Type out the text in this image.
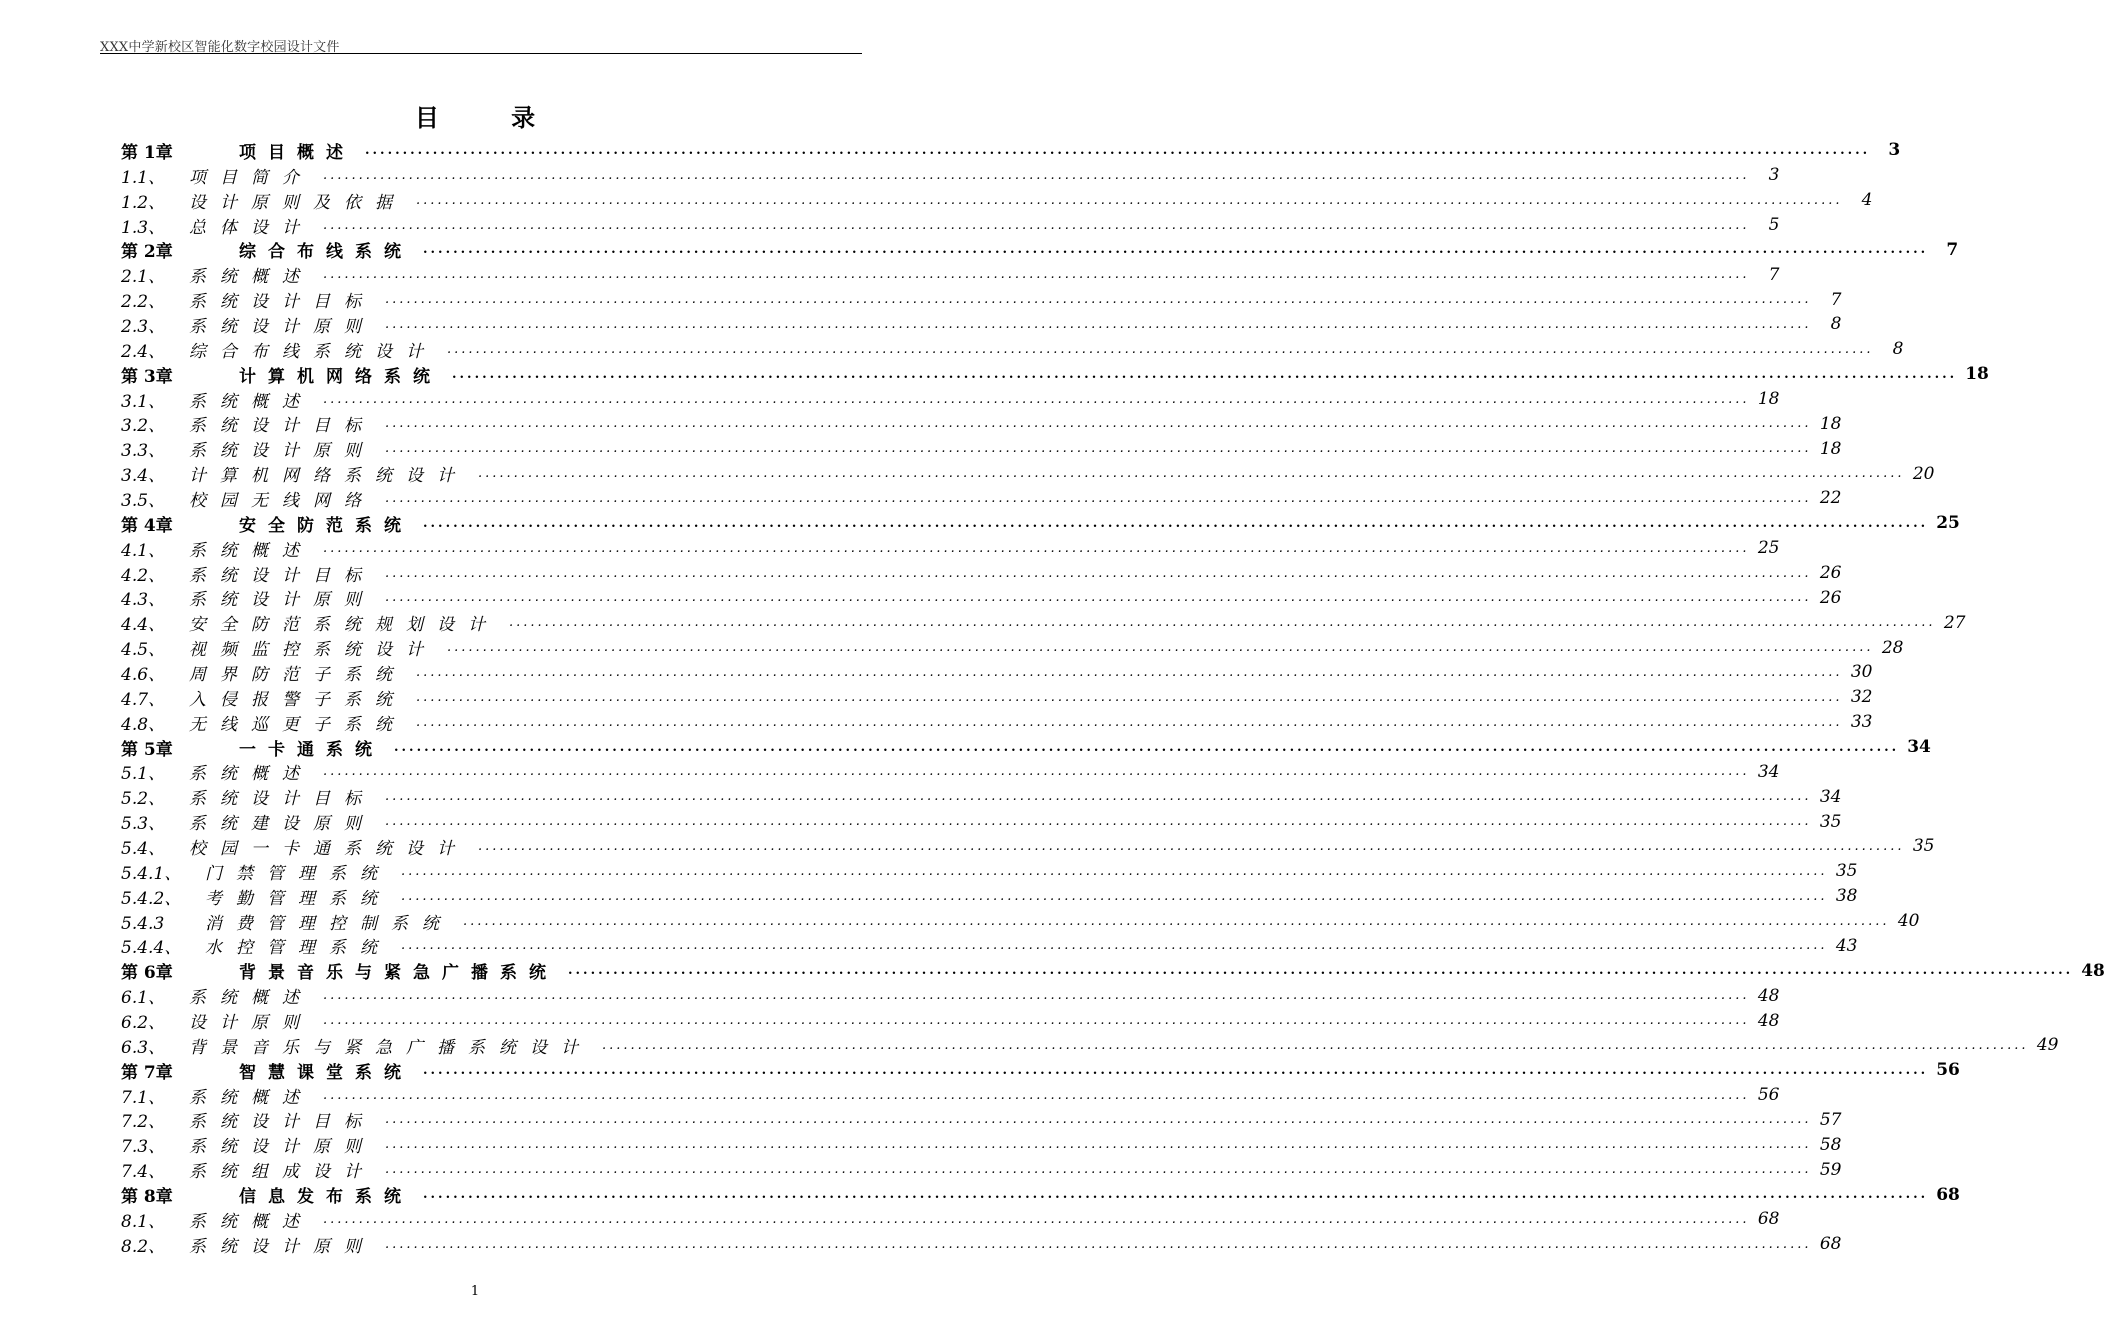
XXX中学新校区智能化数字校园设计文件
目 录
第 1章	项目概述 ........................................................................................................................................................................................................	3
1.1、 项目简介 ........................................................................................................................................................................................................	3
1.2、 设计原则及依据 ........................................................................................................................................................................................................	4
1.3、 总体设计 ........................................................................................................................................................................................................	5
第 2章	综合布线系统 ........................................................................................................................................................................................................	7
2.1、 系统概述 ........................................................................................................................................................................................................	7
2.2、 系统设计目标 ........................................................................................................................................................................................................	7
2.3、 系统设计原则 ........................................................................................................................................................................................................	8
2.4、 综合布线系统设计 ........................................................................................................................................................................................................	8
第 3章	计算机网络系统 ........................................................................................................................................................................................................ 18
3.1、 系统概述 ........................................................................................................................................................................................................ 18
3.2、 系统设计目标 ........................................................................................................................................................................................................ 18
3.3、 系统设计原则 ........................................................................................................................................................................................................ 18
3.4、 计算机网络系统设计 ........................................................................................................................................................................................................ 20
3.5、 校园无线网络 ........................................................................................................................................................................................................ 22
第 4章	安全防范系统 ........................................................................................................................................................................................................ 25
4.1、 系统概述 ........................................................................................................................................................................................................ 25
4.2、 系统设计目标 ........................................................................................................................................................................................................ 26
4.3、 系统设计原则 ........................................................................................................................................................................................................ 26
4.4、 安全防范系统规划设计 ........................................................................................................................................................................................................ 27
4.5、 视频监控系统设计 ........................................................................................................................................................................................................ 28
4.6、 周界防范子系统 ........................................................................................................................................................................................................ 30
4.7、 入侵报警子系统 ........................................................................................................................................................................................................ 32
4.8、 无线巡更子系统 ........................................................................................................................................................................................................ 33
第 5章	一卡通系统 ........................................................................................................................................................................................................ 34
5.1、 系统概述 ........................................................................................................................................................................................................ 34
5.2、 系统设计目标 ........................................................................................................................................................................................................ 34
5.3、 系统建设原则 ........................................................................................................................................................................................................ 35
5.4、 校园一卡通系统设计 ........................................................................................................................................................................................................ 35
5.4.1、 门禁管理系统 ........................................................................................................................................................................................................ 35
5.4.2、 考勤管理系统 ........................................................................................................................................................................................................ 38
5.4.3 消费管理控制系统 ........................................................................................................................................................................................................ 40
5.4.4、 水控管理系统 ........................................................................................................................................................................................................ 43
第 6章	背景音乐与紧急广播系统 ........................................................................................................................................................................................................ 48
6.1、 系统概述 ........................................................................................................................................................................................................ 48
6.2、 设计原则 ........................................................................................................................................................................................................ 48
6.3、 背景音乐与紧急广播系统设计 ........................................................................................................................................................................................................ 49
第 7章	智慧课堂系统 ........................................................................................................................................................................................................ 56
7.1、 系统概述 ........................................................................................................................................................................................................ 56
7.2、 系统设计目标 ........................................................................................................................................................................................................ 57
7.3、 系统设计原则 ........................................................................................................................................................................................................ 58
7.4、 系统组成设计 ........................................................................................................................................................................................................ 59
第 8章	信息发布系统 ........................................................................................................................................................................................................ 68
8.1、 系统概述 ........................................................................................................................................................................................................ 68
8.2、 系统设计原则 ........................................................................................................................................................................................................ 68
1
